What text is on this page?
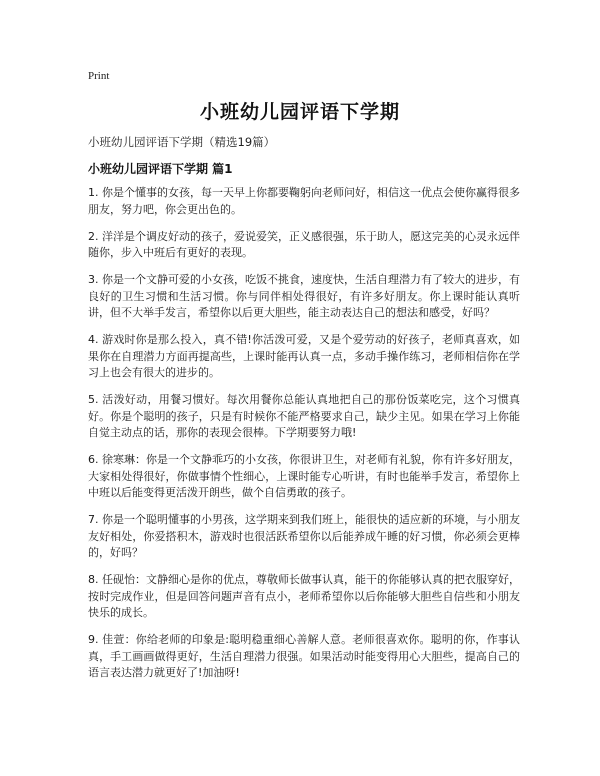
Print
小班幼儿园评语下学期
小班幼儿园评语下学期（精选19篇）
小班幼儿园评语下学期 篇1

1. 你是个懂事的女孩，每一天早上你都要鞠躬向老师问好，相信这一优点会使你赢得很多朋友，努力吧，你会更出色的。

2. 洋洋是个调皮好动的孩子，爱说爱笑，正义感很强，乐于助人，愿这完美的心灵永远伴随你，步入中班后有更好的表现。

3. 你是一个文静可爱的小女孩，吃饭不挑食，速度快，生活自理潜力有了较大的进步，有良好的卫生习惯和生活习惯。你与同伴相处得很好，有许多好朋友。你上课时能认真听讲，但不大举手发言，希望你以后更大胆些，能主动表达自己的想法和感受，好吗？

4. 游戏时你是那么投入，真不错!你活泼可爱，又是个爱劳动的好孩子，老师真喜欢，如果你在自理潜力方面再提高些，上课时能再认真一点，多动手操作练习，老师相信你在学习上也会有很大的进步的。

5. 活泼好动，用餐习惯好。每次用餐你总能认真地把自己的那份饭菜吃完，这个习惯真好。你是个聪明的孩子，只是有时候你不能严格要求自己，缺少主见。如果在学习上你能自觉主动点的话，那你的表现会很棒。下学期要努力哦!

6. 徐寒琳：你是一个文静乖巧的小女孩，你很讲卫生，对老师有礼貌，你有许多好朋友，大家相处得很好，你做事情个性细心，上课时能专心听讲，有时也能举手发言，希望你上中班以后能变得更活泼开朗些，做个自信勇敢的孩子。

7. 你是一个聪明懂事的小男孩，这学期来到我们班上，能很快的适应新的环境，与小朋友友好相处，你爱搭积木，游戏时也很活跃希望你以后能养成午睡的好习惯，你必须会更棒的，好吗？

8. 任砚怡：文静细心是你的优点，尊敬师长做事认真，能干的你能够认真的把衣服穿好，按时完成作业，但是回答问题声音有点小，老师希望你以后你能够大胆些自信些和小朋友快乐的成长。

9. 佳萱：你给老师的印象是:聪明稳重细心善解人意。老师很喜欢你。聪明的你，作事认真，手工画画做得更好，生活自理潜力很强。如果活动时能变得用心大胆些，提高自己的语言表达潜力就更好了!加油呀!
